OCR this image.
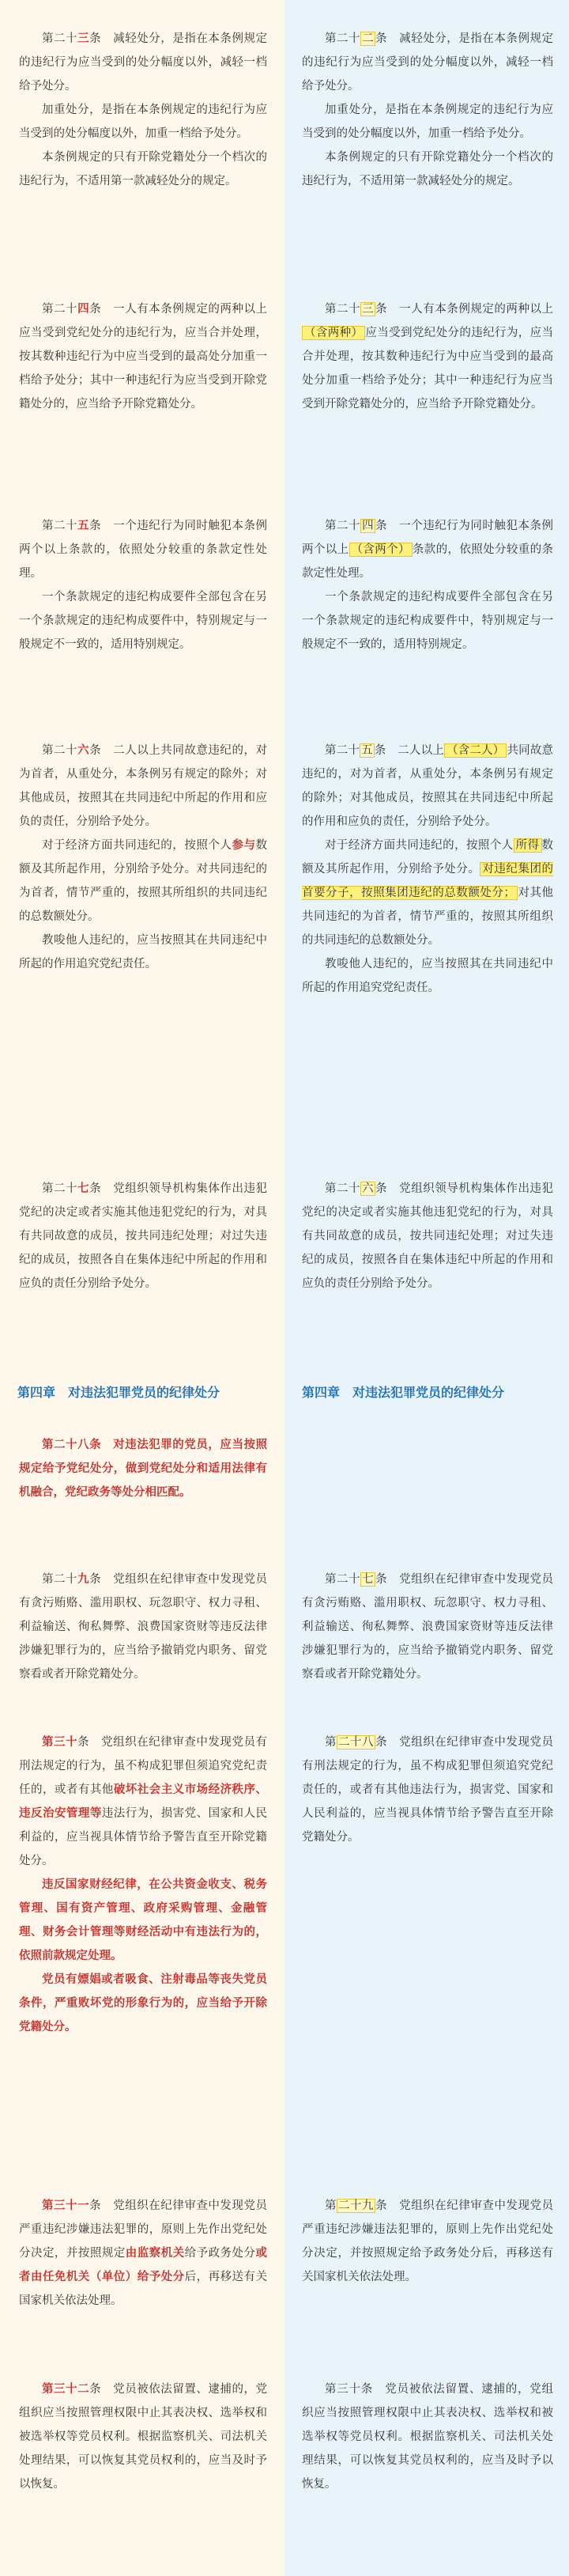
第二十三条　减轻处分，是指在本条例规定的违纪行为应当受到的处分幅度以外，减轻一档给予处分。

加重处分，是指在本条例规定的违纪行为应当受到的处分幅度以外，加重一档给予处分。

本条例规定的只有开除党籍处分一个档次的违纪行为，不适用第一款减轻处分的规定。

第二十四条　一人有本条例规定的两种以上应当受到党纪处分的违纪行为，应当合并处理，按其数种违纪行为中应当受到的最高处分加重一档给予处分；其中一种违纪行为应当受到开除党籍处分的，应当给予开除党籍处分。

第二十五条　一个违纪行为同时触犯本条例两个以上条款的，依照处分较重的条款定性处理。

一个条款规定的违纪构成要件全部包含在另一个条款规定的违纪构成要件中，特别规定与一般规定不一致的，适用特别规定。

第二十六条　二人以上共同故意违纪的，对为首者，从重处分，本条例另有规定的除外；对其他成员，按照其在共同违纪中所起的作用和应负的责任，分别给予处分。

对于经济方面共同违纪的，按照个人参与数额及其所起作用，分别给予处分。对共同违纪的为首者，情节严重的，按照其所组织的共同违纪的总数额处分。

教唆他人违纪的，应当按照其在共同违纪中所起的作用追究党纪责任。

第二十七条　党组织领导机构集体作出违犯党纪的决定或者实施其他违犯党纪的行为，对具有共同故意的成员，按共同违纪处理；对过失违纪的成员，按照各自在集体违纪中所起的作用和应负的责任分别给予处分。

第四章　对违法犯罪党员的纪律处分

第二十八条　对违法犯罪的党员，应当按照规定给予党纪处分，做到党纪处分和适用法律有机融合，党纪政务等处分相匹配。

第二十九条　党组织在纪律审查中发现党员有贪污贿赂、滥用职权、玩忽职守、权力寻租、利益输送、徇私舞弊、浪费国家资财等违反法律涉嫌犯罪行为的，应当给予撤销党内职务、留党察看或者开除党籍处分。

第三十条　党组织在纪律审查中发现党员有刑法规定的行为，虽不构成犯罪但须追究党纪责任的，或者有其他破坏社会主义市场经济秩序、违反治安管理等违法行为，损害党、国家和人民利益的，应当视具体情节给予警告直至开除党籍处分。

违反国家财经纪律，在公共资金收支、税务管理、国有资产管理、政府采购管理、金融管理、财务会计管理等财经活动中有违法行为的，依照前款规定处理。

党员有嫖娼或者吸食、注射毒品等丧失党员条件，严重败坏党的形象行为的，应当给予开除党籍处分。

第三十一条　党组织在纪律审查中发现党员严重违纪涉嫌违法犯罪的，原则上先作出党纪处分决定，并按照规定由监察机关给予政务处分或者由任免机关（单位）给予处分后，再移送有关国家机关依法处理。

第三十二条　党员被依法留置、逮捕的，党组织应当按照管理权限中止其表决权、选举权和被选举权等党员权利。根据监察机关、司法机关处理结果，可以恢复其党员权利的，应当及时予以恢复。

第二十 二 条　减轻处分，是指在本条例规定的违纪行为应当受到的处分幅度以外，减轻一档给予处分。

加重处分，是指在本条例规定的违纪行为应当受到的处分幅度以外，加重一档给予处分。

本条例规定的只有开除党籍处分一个档次的违纪行为，不适用第一款减轻处分的规定。

第二十 三 条　一人有本条例规定的两种以上（含两种） 应当受到党纪处分的违纪行为，应当合并处理，按其数种违纪行为中应当受到的最高处分加重一档给予处分；其中一种违纪行为应当受到开除党籍处分的，应当给予开除党籍处分。

第二十 四 条　一个违纪行为同时触犯本条例两个以上 （含两个） 条款的，依照处分较重的条款定性处理。

一个条款规定的违纪构成要件全部包含在另一个条款规定的违纪构成要件中，特别规定与一般规定不一致的，适用特别规定。

第二十 五 条　二人以上 （含二人） 共同故意违纪的，对为首者，从重处分，本条例另有规定的除外；对其他成员，按照其在共同违纪中所起的作用和应负的责任，分别给予处分。

对于经济方面共同违纪的，按照个人 所得 数额及其所起作用，分别给予处分。 对违纪集团的首要分子，按照集团违纪的总数额处分； 对其他共同违纪的为首者，情节严重的，按照其所组织的共同违纪的总数额处分。

教唆他人违纪的，应当按照其在共同违纪中所起的作用追究党纪责任。

第二十 六 条　党组织领导机构集体作出违犯党纪的决定或者实施其他违犯党纪的行为，对具有共同故意的成员，按共同违纪处理；对过失违纪的成员，按照各自在集体违纪中所起的作用和应负的责任分别给予处分。

第四章　对违法犯罪党员的纪律处分

第二十 七 条　党组织在纪律审查中发现党员有贪污贿赂、滥用职权、玩忽职守、权力寻租、利益输送、徇私舞弊、浪费国家资财等违反法律涉嫌犯罪行为的，应当给予撤销党内职务、留党察看或者开除党籍处分。

第 二十八 条　党组织在纪律审查中发现党员有刑法规定的行为，虽不构成犯罪但须追究党纪责任的，或者有其他违法行为，损害党、国家和人民利益的，应当视具体情节给予警告直至开除党籍处分。

第 二十九 条　党组织在纪律审查中发现党员严重违纪涉嫌违法犯罪的，原则上先作出党纪处分决定，并按照规定给予政务处分后，再移送有关国家机关依法处理。

第三十条　党员被依法留置、逮捕的，党组织应当按照管理权限中止其表决权、选举权和被选举权等党员权利。根据监察机关、司法机关处理结果，可以恢复其党员权利的，应当及时予以恢复。
